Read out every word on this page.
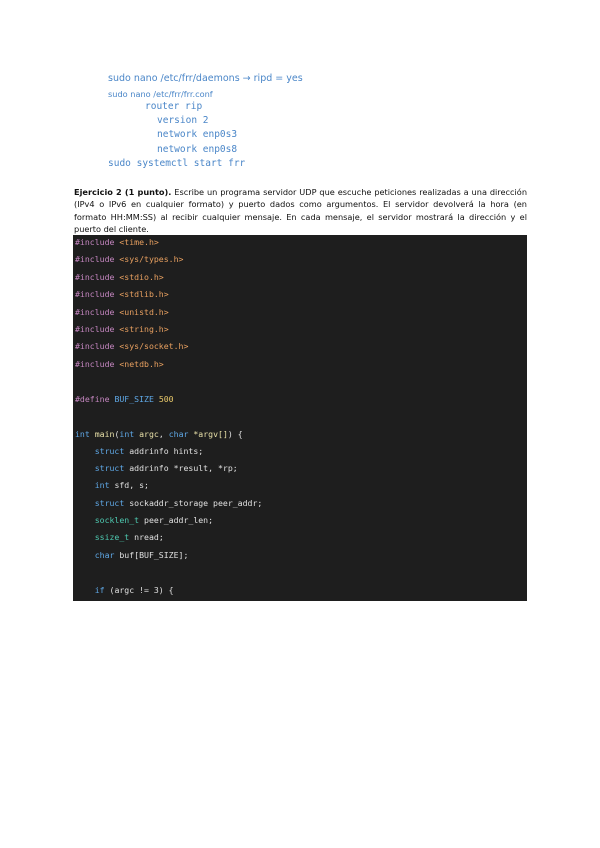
sudo nano /etc/frr/daemons → ripd = yes
sudo nano /etc/frr/frr.conf
router rip
version 2
network enp0s3
network enp0s8
sudo systemctl start frr

Ejercicio 2 (1 punto). Escribe un programa servidor UDP que escuche peticiones realizadas a una dirección (IPv4 o IPv6 en cualquier formato) y puerto dados como argumentos. El servidor devolverá la hora (en formato HH:MM:SS) al recibir cualquier mensaje. En cada mensaje, el servidor mostrará la dirección y el puerto del cliente.

#include <time.h>
#include <sys/types.h>
#include <stdio.h>
#include <stdlib.h>
#include <unistd.h>
#include <string.h>
#include <sys/socket.h>
#include <netdb.h>
#define BUF_SIZE 500
int main(int argc, char *argv[]) {
struct addrinfo hints;
struct addrinfo *result, *rp;
int sfd, s;
struct sockaddr_storage peer_addr;
socklen_t peer_addr_len;
ssize_t nread;
char buf[BUF_SIZE];
if (argc != 3) {
